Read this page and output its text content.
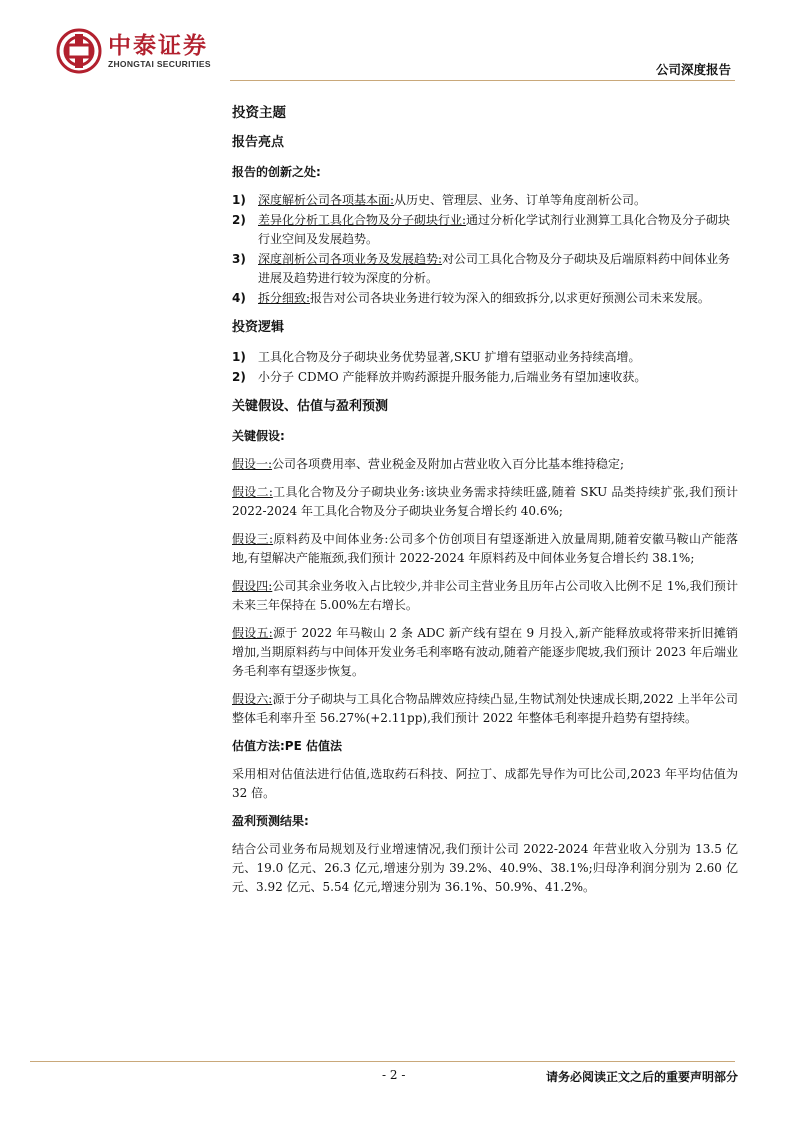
中泰证券
ZHONGTAI SECURITIES	公司深度报告
投资主题
报告亮点
报告的创新之处:
1)	深度解析公司各项基本面:从历史、管理层、业务、订单等角度剖析公司。
2)	差异化分析工具化合物及分子砌块行业:通过分析化学试剂行业测算工具化合物及分子砌块行业空间及发展趋势。
3)	深度剖析公司各项业务及发展趋势:对公司工具化合物及分子砌块及后端原料药中间体业务进展及趋势进行较为深度的分析。
4)	拆分细致:报告对公司各块业务进行较为深入的细致拆分,以求更好预测公司未来发展。
投资逻辑
1)	工具化合物及分子砌块业务优势显著,SKU 扩增有望驱动业务持续高增。
2)	小分子 CDMO 产能释放并购药源提升服务能力,后端业务有望加速收获。
关键假设、估值与盈利预测
关键假设:

假设一:公司各项费用率、营业税金及附加占营业收入百分比基本维持稳定;

假设二:工具化合物及分子砌块业务:该块业务需求持续旺盛,随着 SKU 品类持续扩张,我们预计 2022-2024 年工具化合物及分子砌块业务复合增长约 40.6%;

假设三:原料药及中间体业务:公司多个仿创项目有望逐渐进入放量周期,随着安徽马鞍山产能落地,有望解决产能瓶颈,我们预计 2022-2024 年原料药及中间体业务复合增长约 38.1%;

假设四:公司其余业务收入占比较少,并非公司主营业务且历年占公司收入比例不足 1%,我们预计未来三年保持在 5.00%左右增长。

假设五:源于 2022 年马鞍山 2 条 ADC 新产线有望在 9 月投入,新产能释放或将带来折旧摊销增加,当期原料药与中间体开发业务毛利率略有波动,随着产能逐步爬坡,我们预计 2023 年后端业务毛利率有望逐步恢复。

假设六:源于分子砌块与工具化合物品牌效应持续凸显,生物试剂处快速成长期,2022 上半年公司整体毛利率升至 56.27%(+2.11pp),我们预计 2022 年整体毛利率提升趋势有望持续。

估值方法:PE 估值法

采用相对估值法进行估值,选取药石科技、阿拉丁、成都先导作为可比公司,2023 年平均估值为 32 倍。

盈利预测结果:

结合公司业务布局规划及行业增速情况,我们预计公司 2022-2024 年营业收入分别为 13.5 亿元、19.0 亿元、26.3 亿元,增速分别为 39.2%、40.9%、38.1%;归母净利润分别为 2.60 亿元、3.92 亿元、5.54 亿元,增速分别为 36.1%、50.9%、41.2%。

- 2 -	请务必阅读正文之后的重要声明部分
